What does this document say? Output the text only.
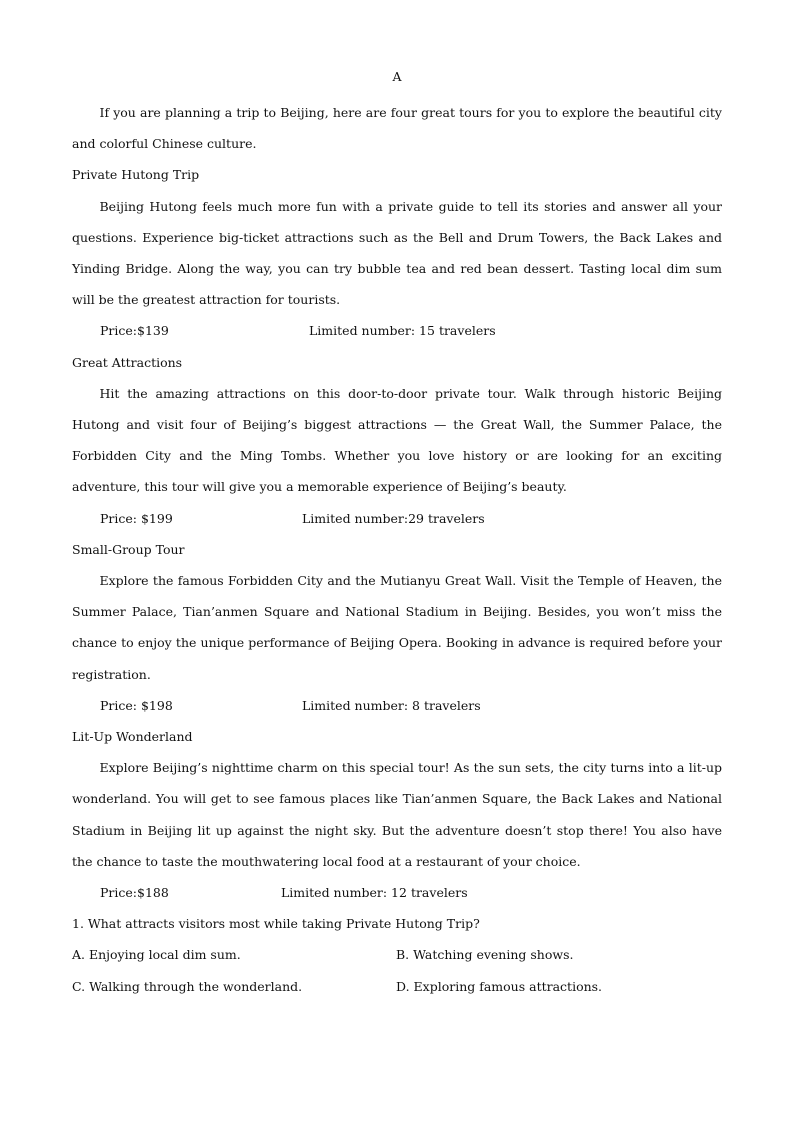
A

If you are planning a trip to Beijing, here are four great tours for you to explore the beautiful city and colorful Chinese culture.

Private Hutong Trip

Beijing Hutong feels much more fun with a private guide to tell its stories and answer all your questions. Experience big-ticket attractions such as the Bell and Drum Towers, the Back Lakes and Yinding Bridge. Along the way, you can try bubble tea and red bean dessert. Tasting local dim sum will be the greatest attraction for tourists.

Price:$139	Limited number: 15 travelers

Great Attractions

Hit the amazing attractions on this door-to-door private tour. Walk through historic Beijing Hutong and visit four of Beijing’s biggest attractions — the Great Wall, the Summer Palace, the Forbidden City and the Ming Tombs. Whether you love history or are looking for an exciting adventure, this tour will give you a memorable experience of Beijing’s beauty.

Price: $199	Limited number:29 travelers

Small-Group Tour

Explore the famous Forbidden City and the Mutianyu Great Wall. Visit the Temple of Heaven, the Summer Palace, Tian’anmen Square and National Stadium in Beijing. Besides, you won’t miss the chance to enjoy the unique performance of Beijing Opera. Booking in advance is required before your registration.

Price: $198	Limited number: 8 travelers

Lit-Up Wonderland

Explore Beijing’s nighttime charm on this special tour! As the sun sets, the city turns into a lit-up wonderland. You will get to see famous places like Tian’anmen Square, the Back Lakes and National Stadium in Beijing lit up against the night sky. But the adventure doesn’t stop there! You also have the chance to taste the mouthwatering local food at a restaurant of your choice.

Price:$188	Limited number: 12 travelers

1. What attracts visitors most while taking Private Hutong Trip?

A. Enjoying local dim sum.	B. Watching evening shows.
C. Walking through the wonderland.	D. Exploring famous attractions.
